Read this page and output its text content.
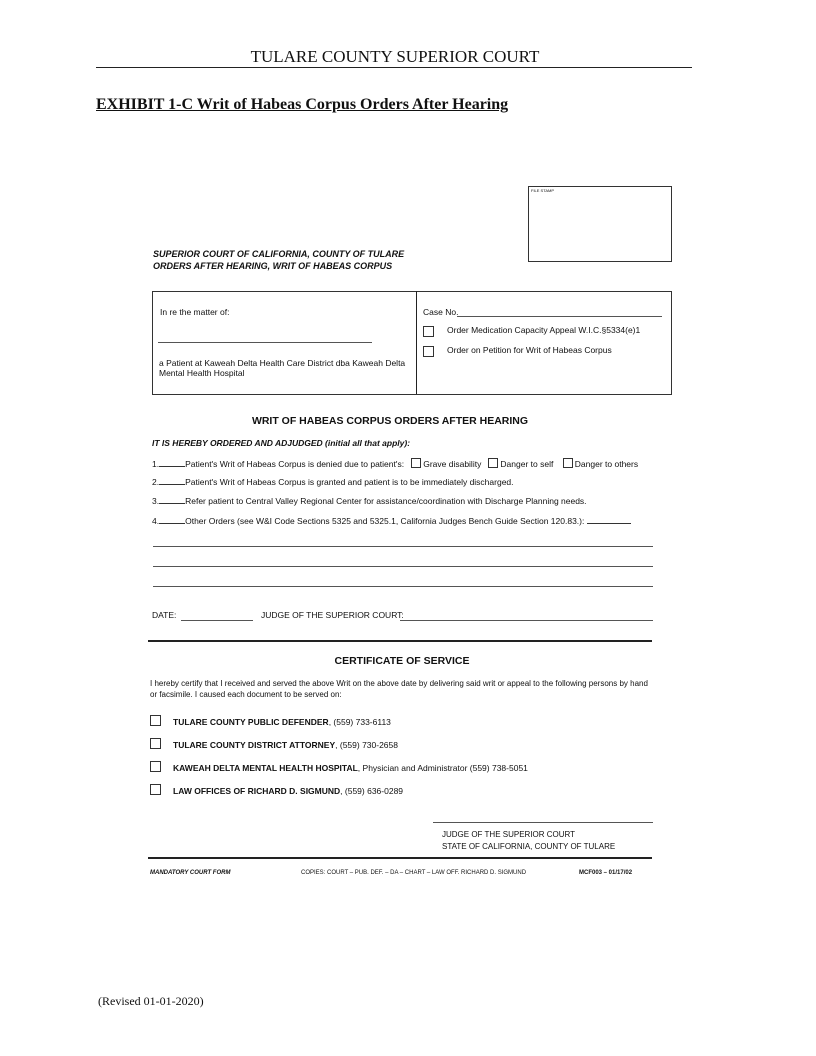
TULARE COUNTY SUPERIOR COURT
EXHIBIT 1-C Writ of Habeas Corpus Orders After Hearing
FILE STAMP
SUPERIOR COURT OF CALIFORNIA, COUNTY OF TULARE
ORDERS AFTER HEARING, WRIT OF HABEAS CORPUS
In re the matter of:
a Patient at Kaweah Delta Health Care District dba Kaweah Delta Mental Health Hospital
Case No.
Order Medication Capacity Appeal W.I.C.§5334(e)1
Order on Petition for Writ of Habeas Corpus
WRIT OF HABEAS CORPUS ORDERS AFTER HEARING
IT IS HEREBY ORDERED AND ADJUDGED (initial all that apply):
1.	Patient's Writ of Habeas Corpus is denied due to patient's: Grave disability Danger to self	Danger to others
2.	Patient's Writ of Habeas Corpus is granted and patient is to be immediately discharged.
3.	Refer patient to Central Valley Regional Center for assistance/coordination with Discharge Planning needs.
4.	Other Orders (see W&I Code Sections 5325 and 5325.1, California Judges Bench Guide Section 120.83.):
DATE:	JUDGE OF THE SUPERIOR COURT:
CERTIFICATE OF SERVICE
I hereby certify that I received and served the above Writ on the above date by delivering said writ or appeal to the following persons by hand or facsimile. I caused each document to be served on:
TULARE COUNTY PUBLIC DEFENDER, (559) 733-6113
TULARE COUNTY DISTRICT ATTORNEY, (559) 730-2658
KAWEAH DELTA MENTAL HEALTH HOSPITAL, Physician and Administrator (559) 738-5051
LAW OFFICES OF RICHARD D. SIGMUND, (559) 636-0289
JUDGE OF THE SUPERIOR COURT
STATE OF CALIFORNIA, COUNTY OF TULARE
MANDATORY COURT FORM	COPIES: COURT – PUB. DEF. – DA – CHART – LAW OFF. RICHARD D. SIGMUND	MCF003 – 01/17/02
(Revised 01-01-2020)
